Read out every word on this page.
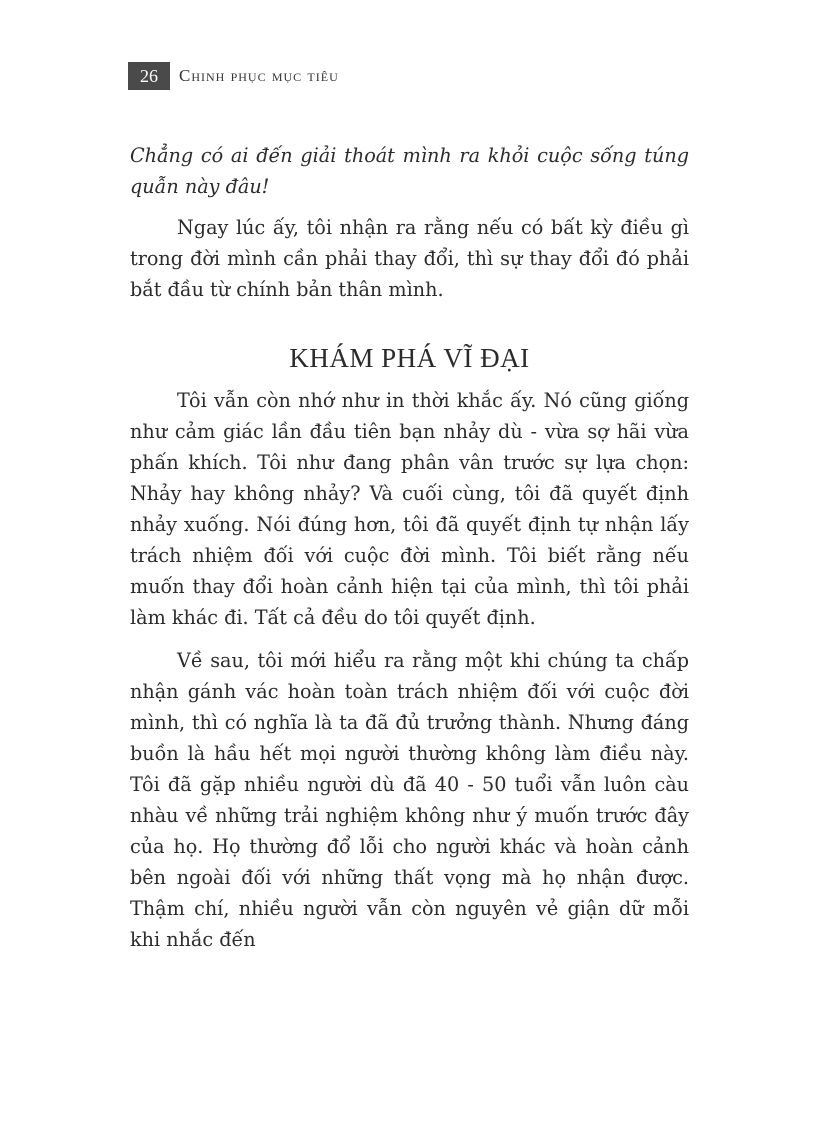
26	Chinh phục mục tiêu

Chẳng có ai đến giải thoát mình ra khỏi cuộc sống túng quẫn này đâu!

Ngay lúc ấy, tôi nhận ra rằng nếu có bất kỳ điều gì trong đời mình cần phải thay đổi, thì sự thay đổi đó phải bắt đầu từ chính bản thân mình.

KHÁM PHÁ VĨ ĐẠI

Tôi vẫn còn nhớ như in thời khắc ấy. Nó cũng giống như cảm giác lần đầu tiên bạn nhảy dù - vừa sợ hãi vừa phấn khích. Tôi như đang phân vân trước sự lựa chọn: Nhảy hay không nhảy? Và cuối cùng, tôi đã quyết định nhảy xuống. Nói đúng hơn, tôi đã quyết định tự nhận lấy trách nhiệm đối với cuộc đời mình. Tôi biết rằng nếu muốn thay đổi hoàn cảnh hiện tại của mình, thì tôi phải làm khác đi. Tất cả đều do tôi quyết định.

Về sau, tôi mới hiểu ra rằng một khi chúng ta chấp nhận gánh vác hoàn toàn trách nhiệm đối với cuộc đời mình, thì có nghĩa là ta đã đủ trưởng thành. Nhưng đáng buồn là hầu hết mọi người thường không làm điều này. Tôi đã gặp nhiều người dù đã 40 - 50 tuổi vẫn luôn càu nhàu về những trải nghiệm không như ý muốn trước đây của họ. Họ thường đổ lỗi cho người khác và hoàn cảnh bên ngoài đối với những thất vọng mà họ nhận được. Thậm chí, nhiều người vẫn còn nguyên vẻ giận dữ mỗi khi nhắc đến
